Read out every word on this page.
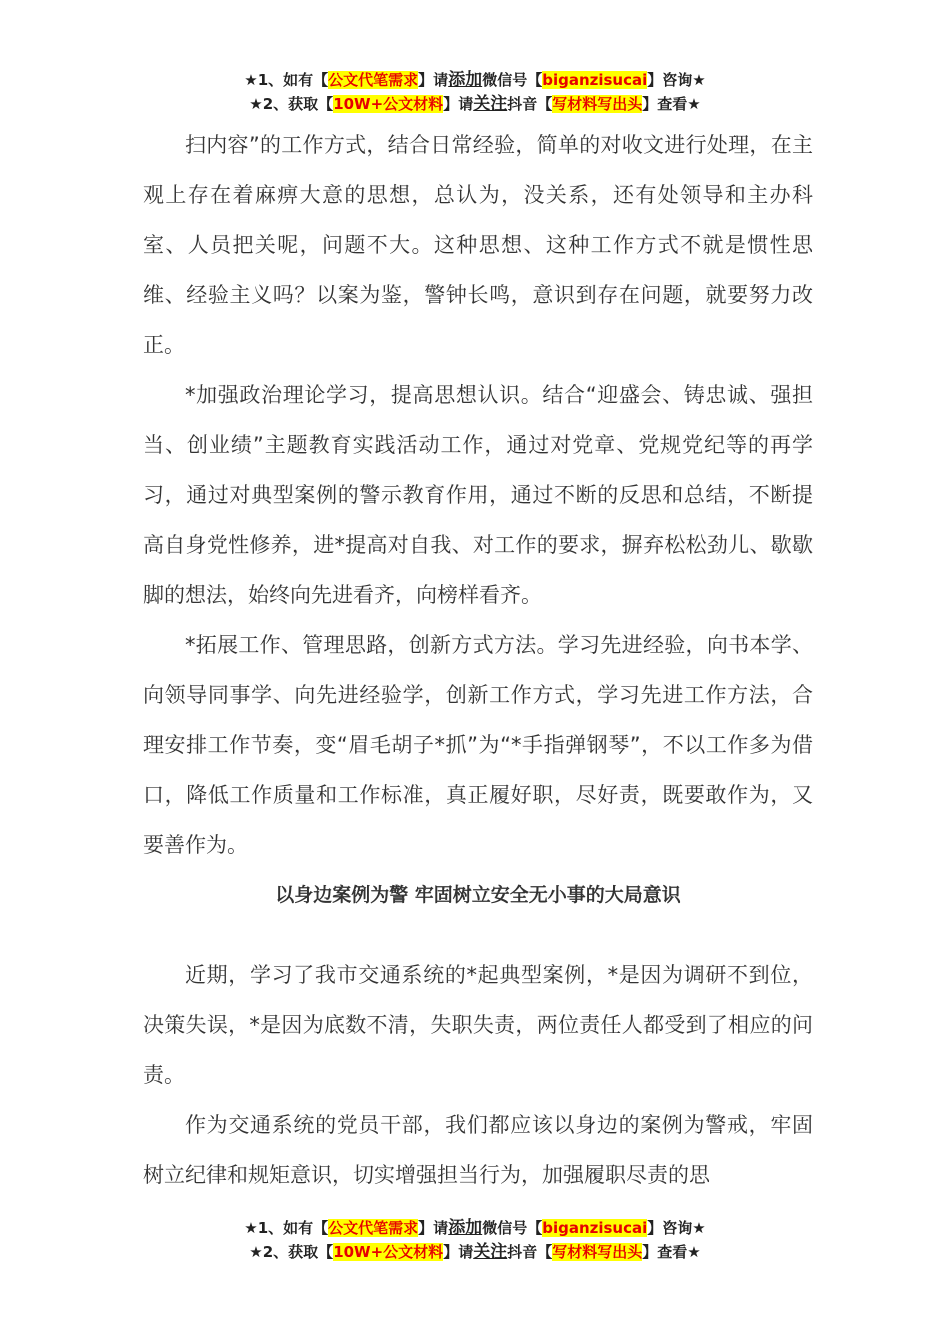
★1、如有【公文代笔需求】请添加微信号【biganzisucai】咨询★
★2、获取【10W+公文材料】请关注抖音【写材料写出头】查看★

扫内容”的工作方式，结合日常经验，简单的对收文进行处理，在主观上存在着麻痹大意的思想，总认为，没关系，还有处领导和主办科室、人员把关呢，问题不大。这种思想、这种工作方式不就是惯性思维、经验主义吗？以案为鉴，警钟长鸣，意识到存在问题，就要努力改正。

*加强政治理论学习，提高思想认识。结合“迎盛会、铸忠诚、强担当、创业绩”主题教育实践活动工作，通过对党章、党规党纪等的再学习，通过对典型案例的警示教育作用，通过不断的反思和总结，不断提高自身党性修养，进*提高对自我、对工作的要求，摒弃松松劲儿、歇歇脚的想法，始终向先进看齐，向榜样看齐。

*拓展工作、管理思路，创新方式方法。学习先进经验，向书本学、向领导同事学、向先进经验学，创新工作方式，学习先进工作方法，合理安排工作节奏，变“眉毛胡子*抓”为“*手指弹钢琴”，不以工作多为借口，降低工作质量和工作标准，真正履好职，尽好责，既要敢作为，又要善作为。

以身边案例为警 牢固树立安全无小事的大局意识

近期，学习了我市交通系统的*起典型案例，*是因为调研不到位，决策失误，*是因为底数不清，失职失责，两位责任人都受到了相应的问责。

作为交通系统的党员干部，我们都应该以身边的案例为警戒，牢固树立纪律和规矩意识，切实增强担当行为，加强履职尽责的思

★1、如有【公文代笔需求】请添加微信号【biganzisucai】咨询★
★2、获取【10W+公文材料】请关注抖音【写材料写出头】查看★
